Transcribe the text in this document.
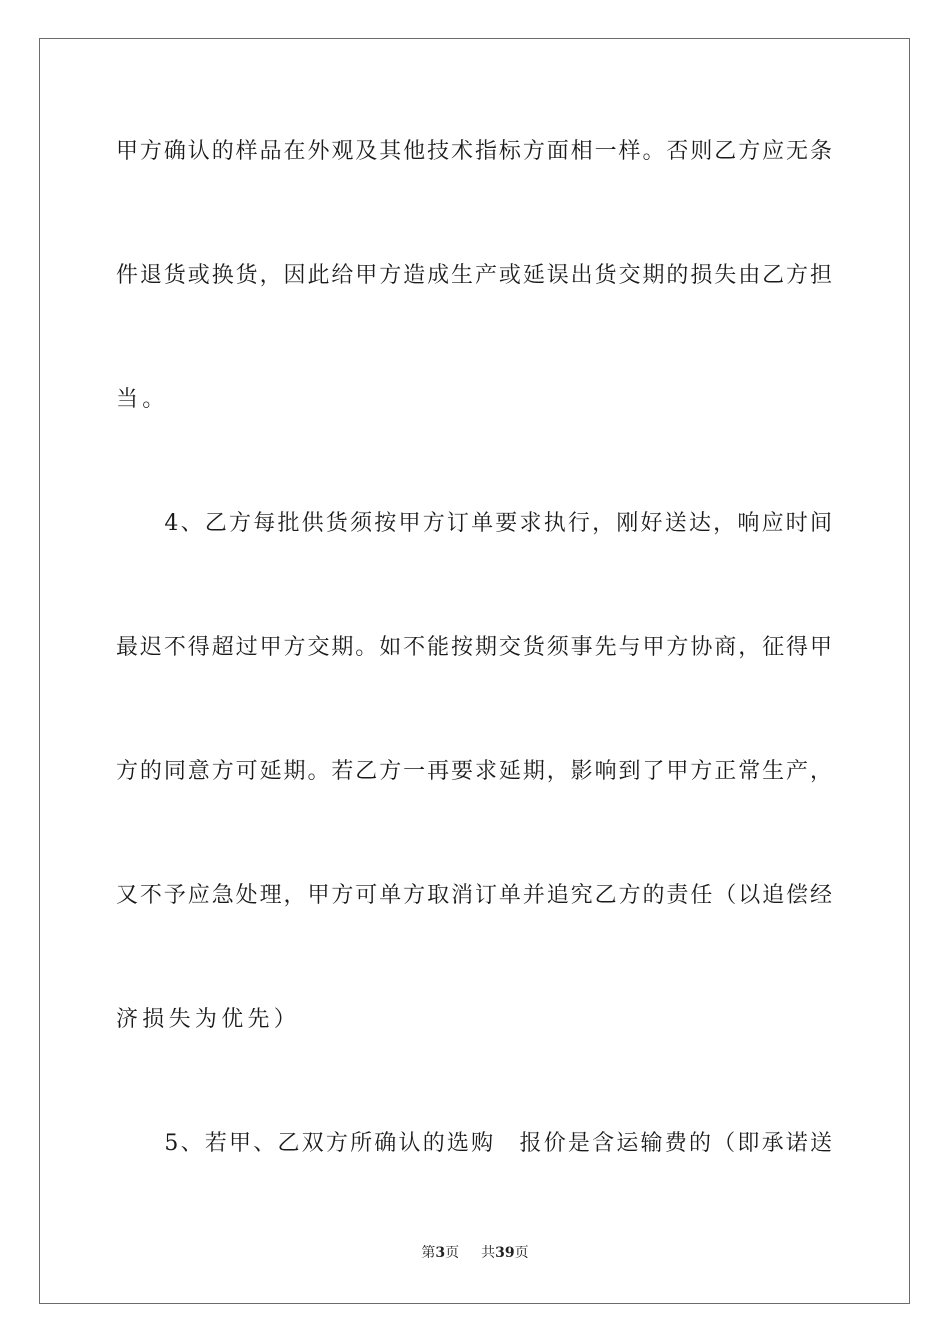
甲方确认的样品在外观及其他技术指标方面相一样。否则乙方应无条
件退货或换货，因此给甲方造成生产或延误出货交期的损失由乙方担
当。
　　4、乙方每批供货须按甲方订单要求执行，刚好送达，响应时间
最迟不得超过甲方交期。如不能按期交货须事先与甲方协商，征得甲
方的同意方可延期。若乙方一再要求延期，影响到了甲方正常生产，
又不予应急处理，甲方可单方取消订单并追究乙方的责任（以追偿经
济损失为优先）
　　5、若甲、乙双方所确认的选购　报价是含运输费的（即承诺送
第3页 共39页
